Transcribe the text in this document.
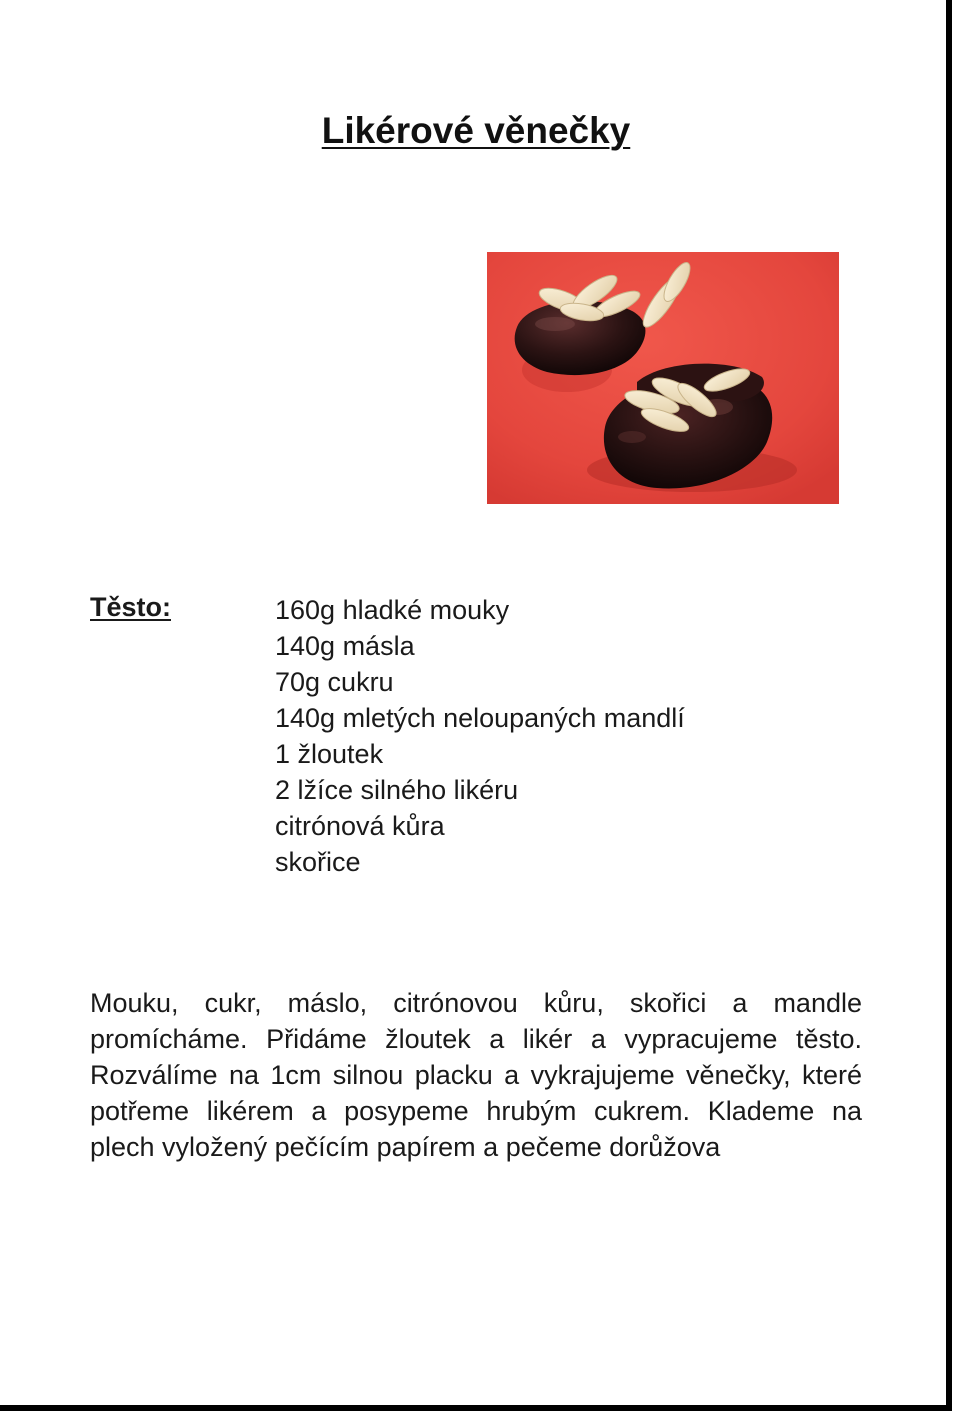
Likérové věnečky
Těsto:	160g hladké mouky
140g másla
70g cukru
140g mletých neloupaných mandlí
1 žloutek
2 lžíce silného likéru
citrónová kůra
skořice

Mouku, cukr, máslo, citrónovou kůru, skořici a mandle promícháme. Přidáme žloutek a likér a vypracujeme těsto. Rozválíme na 1cm silnou placku a vykrajujeme věnečky, které potřeme likérem a posypeme hrubým cukrem. Klademe na plech vyložený pečícím papírem a pečeme dorůžova
